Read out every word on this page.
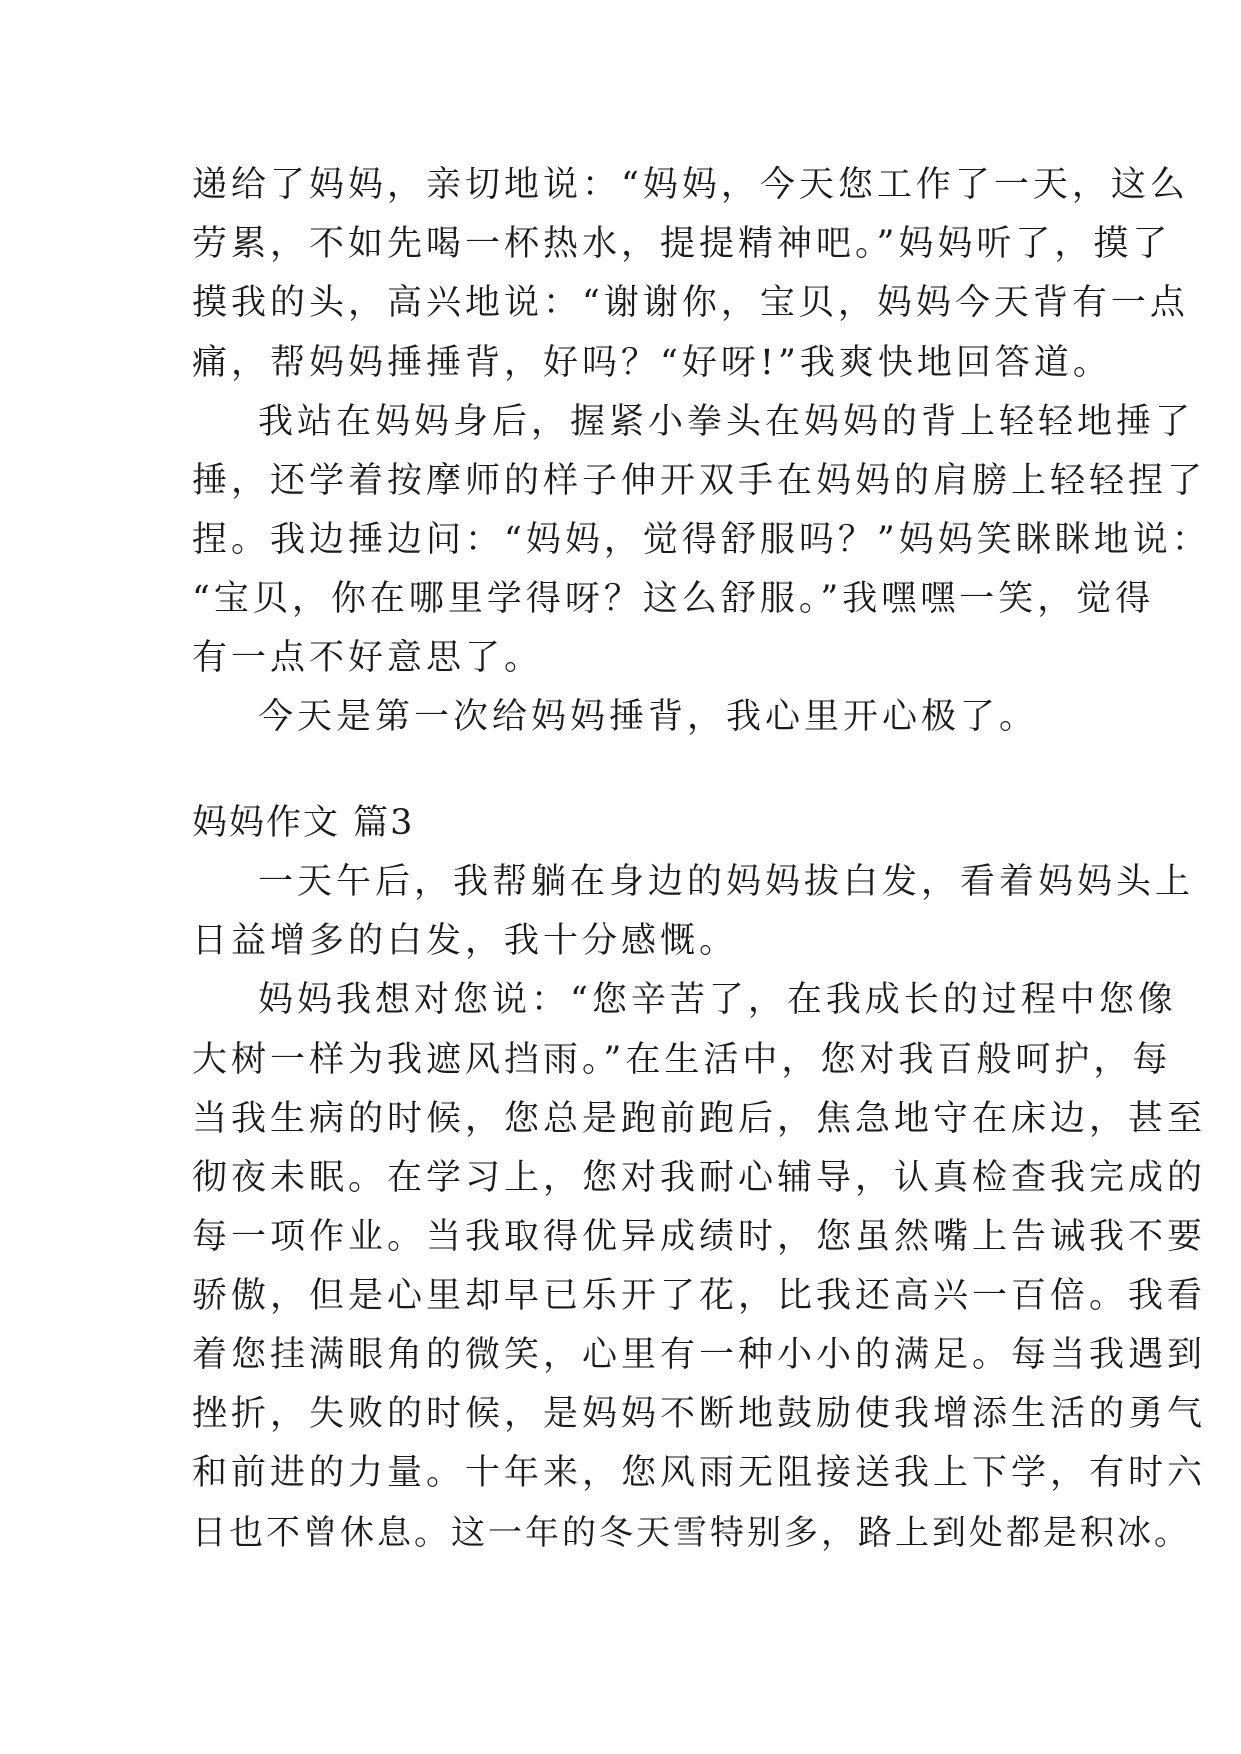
递给了妈妈，亲切地说：“妈妈，今天您工作了一天，这么
劳累，不如先喝一杯热水，提提精神吧。”妈妈听了，摸了
摸我的头，高兴地说：“谢谢你，宝贝，妈妈今天背有一点
痛，帮妈妈捶捶背，好吗？“好呀!”我爽快地回答道。
我站在妈妈身后，握紧小拳头在妈妈的背上轻轻地捶了
捶，还学着按摩师的样子伸开双手在妈妈的肩膀上轻轻捏了
捏。我边捶边问：“妈妈，觉得舒服吗？”妈妈笑眯眯地说：
“宝贝，你在哪里学得呀？这么舒服。”我嘿嘿一笑，觉得
有一点不好意思了。
今天是第一次给妈妈捶背，我心里开心极了。
妈妈作文 篇3
一天午后，我帮躺在身边的妈妈拔白发，看着妈妈头上
日益增多的白发，我十分感慨。
妈妈我想对您说：“您辛苦了，在我成长的过程中您像
大树一样为我遮风挡雨。”在生活中，您对我百般呵护，每
当我生病的时候，您总是跑前跑后，焦急地守在床边，甚至
彻夜未眠。在学习上，您对我耐心辅导，认真检查我完成的
每一项作业。当我取得优异成绩时，您虽然嘴上告诫我不要
骄傲，但是心里却早已乐开了花，比我还高兴一百倍。我看
着您挂满眼角的微笑，心里有一种小小的满足。每当我遇到
挫折，失败的时候，是妈妈不断地鼓励使我增添生活的勇气
和前进的力量。十年来，您风雨无阻接送我上下学，有时六
日也不曾休息。这一年的冬天雪特别多，路上到处都是积冰。
